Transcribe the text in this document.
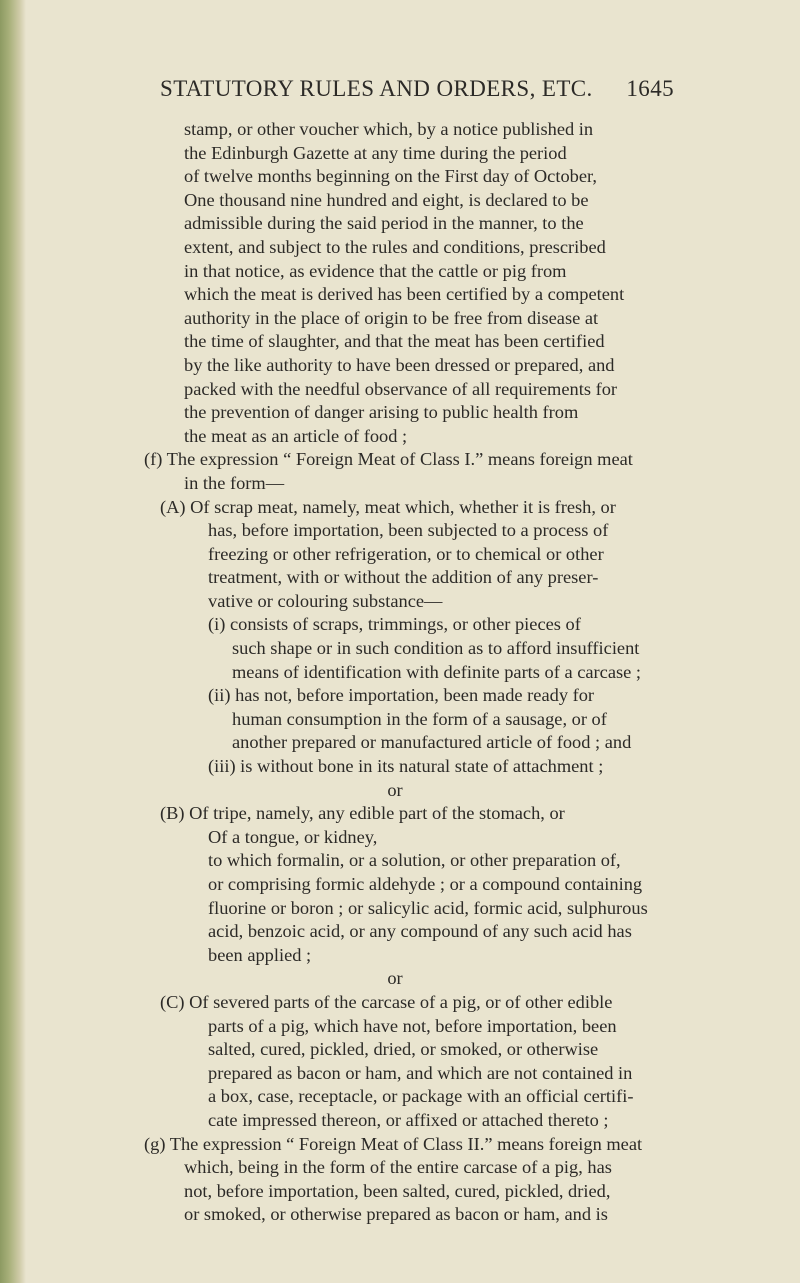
STATUTORY RULES AND ORDERS, ETC. 1645
stamp, or other voucher which, by a notice published in
the Edinburgh Gazette at any time during the period
of twelve months beginning on the First day of October,
One thousand nine hundred and eight, is declared to be
admissible during the said period in the manner, to the
extent, and subject to the rules and conditions, prescribed
in that notice, as evidence that the cattle or pig from
which the meat is derived has been certified by a competent
authority in the place of origin to be free from disease at
the time of slaughter, and that the meat has been certified
by the like authority to have been dressed or prepared, and
packed with the needful observance of all requirements for
the prevention of danger arising to public health from
the meat as an article of food ;
(f) The expression “ Foreign Meat of Class I.” means foreign meat
in the form—
(A) Of scrap meat, namely, meat which, whether it is fresh, or
has, before importation, been subjected to a process of
freezing or other refrigeration, or to chemical or other
treatment, with or without the addition of any preser-
vative or colouring substance—
(i) consists of scraps, trimmings, or other pieces of
such shape or in such condition as to afford insufficient
means of identification with definite parts of a carcase ;
(ii) has not, before importation, been made ready for
human consumption in the form of a sausage, or of
another prepared or manufactured article of food ; and
(iii) is without bone in its natural state of attachment ;
or
(B) Of tripe, namely, any edible part of the stomach, or
Of a tongue, or kidney,
to which formalin, or a solution, or other preparation of,
or comprising formic aldehyde ; or a compound containing
fluorine or boron ; or salicylic acid, formic acid, sulphurous
acid, benzoic acid, or any compound of any such acid has
been applied ;
or
(C) Of severed parts of the carcase of a pig, or of other edible
parts of a pig, which have not, before importation, been
salted, cured, pickled, dried, or smoked, or otherwise
prepared as bacon or ham, and which are not contained in
a box, case, receptacle, or package with an official certifi-
cate impressed thereon, or affixed or attached thereto ;
(g) The expression “ Foreign Meat of Class II.” means foreign meat
which, being in the form of the entire carcase of a pig, has
not, before importation, been salted, cured, pickled, dried,
or smoked, or otherwise prepared as bacon or ham, and is
